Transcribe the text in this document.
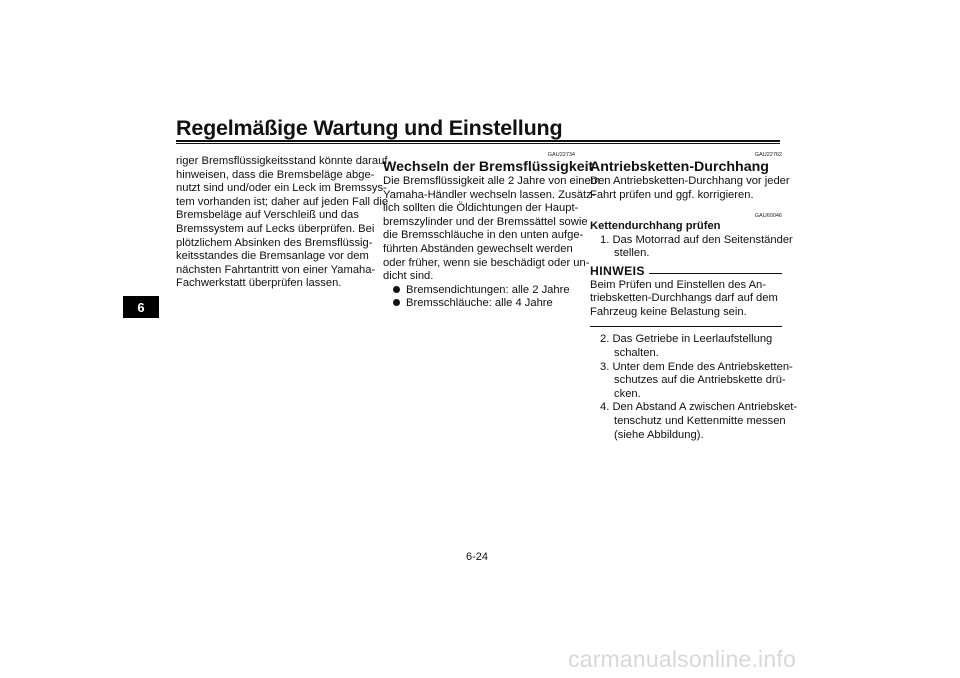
Regelmäßige Wartung und Einstellung
6
riger Bremsflüssigkeitsstand könnte darauf
hinweisen, dass die Bremsbeläge abge-
nutzt sind und/oder ein Leck im Bremssys-
tem vorhanden ist; daher auf jeden Fall die
Bremsbeläge auf Verschleiß und das
Bremssystem auf Lecks überprüfen. Bei
plötzlichem Absinken des Bremsflüssig-
keitsstandes die Bremsanlage vor dem
nächsten Fahrtantritt von einer Yamaha-
Fachwerkstatt überprüfen lassen.
GAU22734
Wechseln der Bremsflüssigkeit
Die Bremsflüssigkeit alle 2 Jahre von einem
Yamaha-Händler wechseln lassen. Zusätz-
lich sollten die Öldichtungen der Haupt-
bremszylinder und der Bremssättel sowie
die Bremsschläuche in den unten aufge-
führten Abständen gewechselt werden
oder früher, wenn sie beschädigt oder un-
dicht sind.
Bremsendichtungen: alle 2 Jahre
Bremsschläuche: alle 4 Jahre
GAU22762
Antriebsketten-Durchhang
Den Antriebsketten-Durchhang vor jeder
Fahrt prüfen und ggf. korrigieren.
GAU60046
Kettendurchhang prüfen
1. Das Motorrad auf den Seitenständer
stellen.
HINWEIS
Beim Prüfen und Einstellen des An-
triebsketten-Durchhangs darf auf dem
Fahrzeug keine Belastung sein.
2. Das Getriebe in Leerlaufstellung
schalten.
3. Unter dem Ende des Antriebsketten-
schutzes auf die Antriebskette drü-
cken.
4. Den Abstand A zwischen Antriebsket-
tenschutz und Kettenmitte messen
(siehe Abbildung).
6-24
carmanualsonline.info
